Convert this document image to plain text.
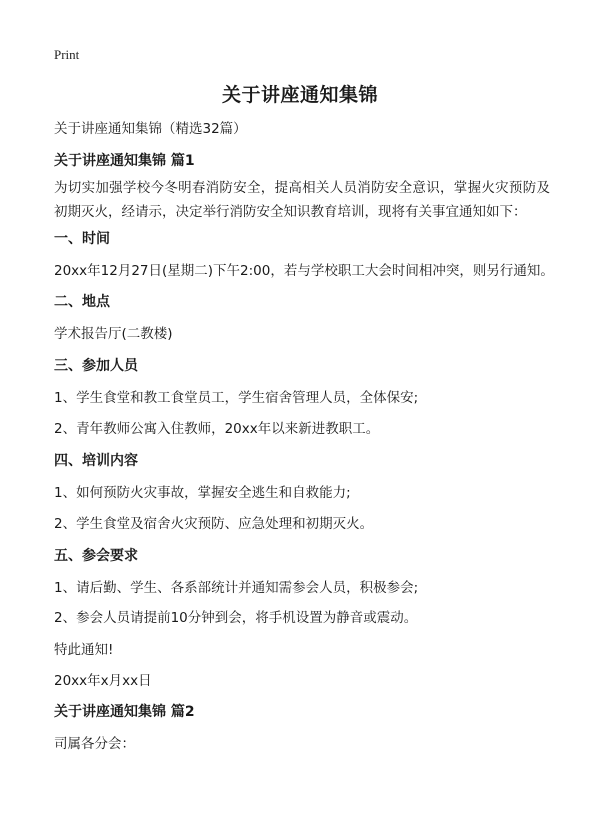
Print
关于讲座通知集锦
关于讲座通知集锦（精选32篇）
关于讲座通知集锦 篇1
为切实加强学校今冬明春消防安全，提高相关人员消防安全意识，掌握火灾预防及初期灭火，经请示，决定举行消防安全知识教育培训，现将有关事宜通知如下：
一、时间
20xx年12月27日(星期二)下午2:00，若与学校职工大会时间相冲突，则另行通知。
二、地点
学术报告厅(二教楼)
三、参加人员
1、学生食堂和教工食堂员工，学生宿舍管理人员，全体保安;
2、青年教师公寓入住教师，20xx年以来新进教职工。
四、培训内容
1、如何预防火灾事故，掌握安全逃生和自救能力;
2、学生食堂及宿舍火灾预防、应急处理和初期灭火。
五、参会要求
1、请后勤、学生、各系部统计并通知需参会人员，积极参会;
2、参会人员请提前10分钟到会，将手机设置为静音或震动。
特此通知!
20xx年x月xx日
关于讲座通知集锦 篇2
司属各分会：
